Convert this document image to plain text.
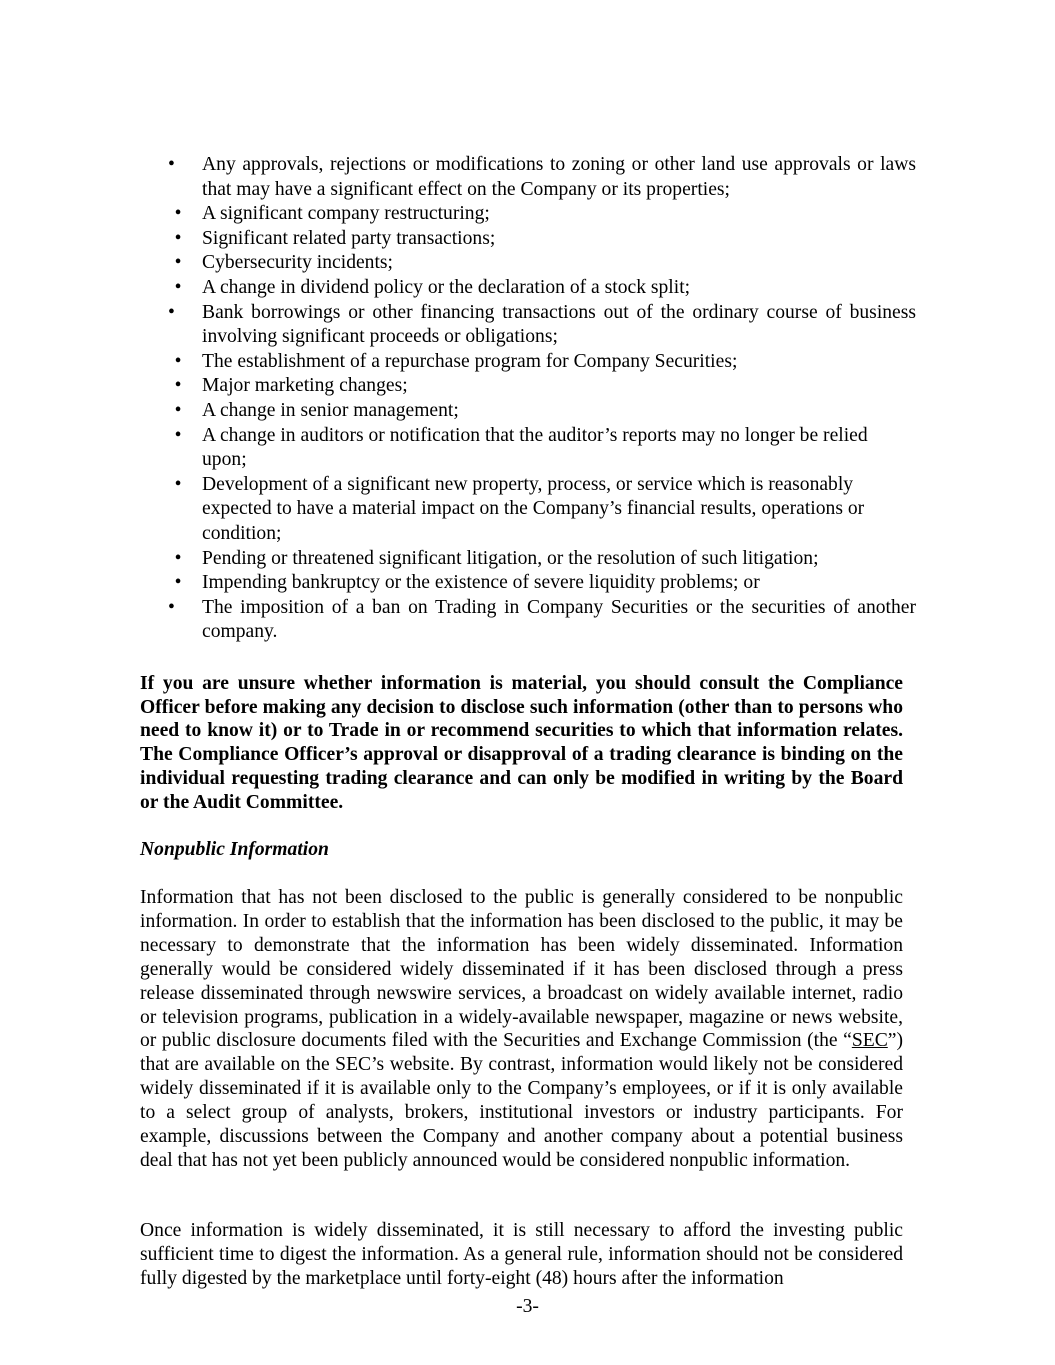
•	Any approvals, rejections or modifications to zoning or other land use approvals or laws that may have a significant effect on the Company or its properties;
•	A significant company restructuring;
•	Significant related party transactions;
•	Cybersecurity incidents;
•	A change in dividend policy or the declaration of a stock split;
•	Bank borrowings or other financing transactions out of the ordinary course of business involving significant proceeds or obligations;
•	The establishment of a repurchase program for Company Securities;
•	Major marketing changes;
•	A change in senior management;
•	A change in auditors or notification that the auditor’s reports may no longer be relied upon;
•	Development of a significant new property, process, or service which is reasonably expected to have a material impact on the Company’s financial results, operations or condition;
•	Pending or threatened significant litigation, or the resolution of such litigation;
•	Impending bankruptcy or the existence of severe liquidity problems; or
•	The imposition of a ban on Trading in Company Securities or the securities of another company.

If you are unsure whether information is material, you should consult the Compliance Officer before making any decision to disclose such information (other than to persons who need to know it) or to Trade in or recommend securities to which that information relates. The Compliance Officer’s approval or disapproval of a trading clearance is binding on the individual requesting trading clearance and can only be modified in writing by the Board or the Audit Committee.

Nonpublic Information

Information that has not been disclosed to the public is generally considered to be nonpublic information. In order to establish that the information has been disclosed to the public, it may be necessary to demonstrate that the information has been widely disseminated. Information generally would be considered widely disseminated if it has been disclosed through a press release disseminated through newswire services, a broadcast on widely available internet, radio or television programs, publication in a widely-available newspaper, magazine or news website, or public disclosure documents filed with the Securities and Exchange Commission (the “SEC”) that are available on the SEC’s website. By contrast, information would likely not be considered widely disseminated if it is available only to the Company’s employees, or if it is only available to a select group of analysts, brokers, institutional investors or industry participants. For example, discussions between the Company and another company about a potential business deal that has not yet been publicly announced would be considered nonpublic information.

Once information is widely disseminated, it is still necessary to afford the investing public sufficient time to digest the information. As a general rule, information should not be considered fully digested by the marketplace until forty-eight (48) hours after the information

-3-
